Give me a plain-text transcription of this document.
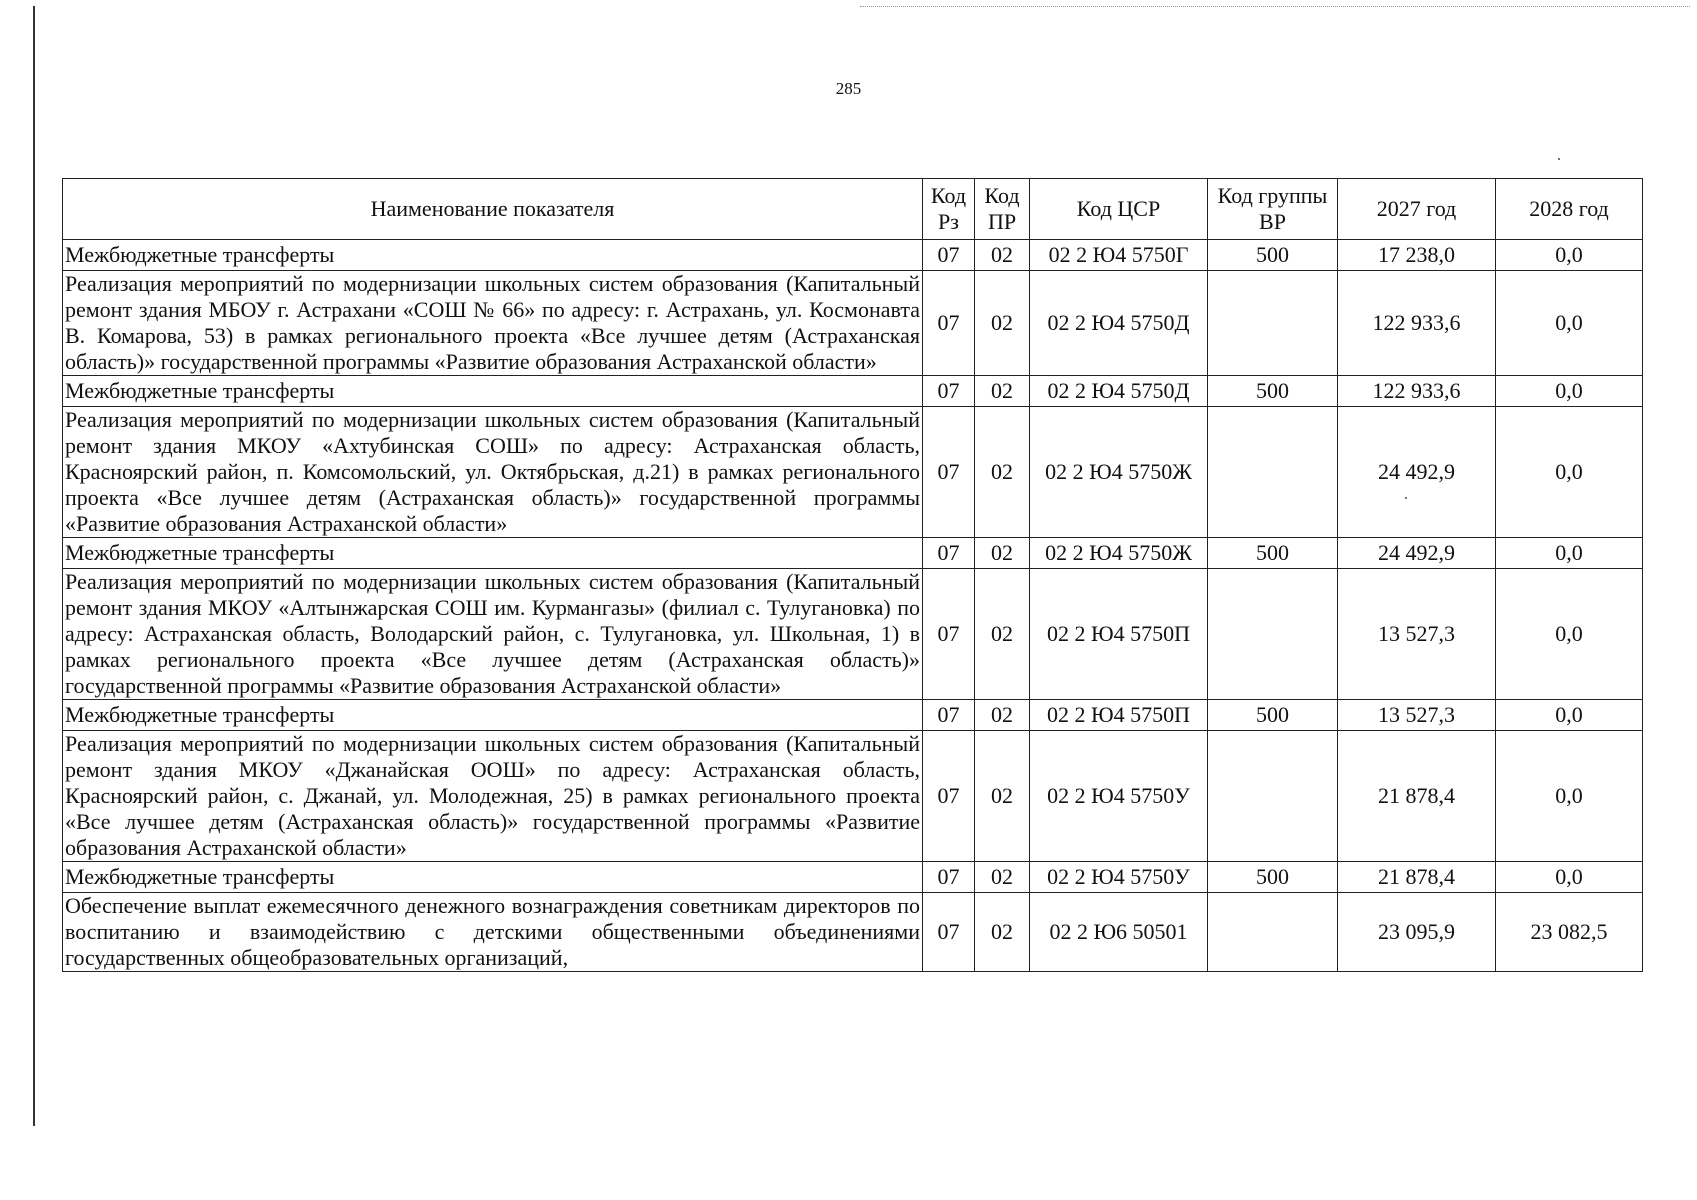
285
Наименование показателя	Код Рз	Код ПР	Код ЦСР	Код группы ВР	2027 год	2028 год
Межбюджетные трансферты	07	02	02 2 Ю4 5750Г	500	17 238,0	0,0
Реализация мероприятий по модернизации школьных систем образования (Капитальный ремонт здания МБОУ г. Астрахани «СОШ № 66» по адресу: г. Астрахань, ул. Космонавта В. Комарова, 53) в рамках регионального проекта «Все лучшее детям (Астраханская область)» государственной программы «Развитие образования Астраханской области»	07	02	02 2 Ю4 5750Д		122 933,6	0,0
Межбюджетные трансферты	07	02	02 2 Ю4 5750Д	500	122 933,6	0,0
Реализация мероприятий по модернизации школьных систем образования (Капитальный ремонт здания МКОУ «Ахтубинская СОШ» по адресу: Астраханская область, Красноярский район, п. Комсомольский, ул. Октябрьская, д.21) в рамках регионального проекта «Все лучшее детям (Астраханская область)» государственной программы «Развитие образования Астраханской области»	07	02	02 2 Ю4 5750Ж		24 492,9	0,0
Межбюджетные трансферты	07	02	02 2 Ю4 5750Ж	500	24 492,9	0,0
Реализация мероприятий по модернизации школьных систем образования (Капитальный ремонт здания МКОУ «Алтынжарская СОШ им. Курмангазы» (филиал с. Тулугановка) по адресу: Астраханская область, Володарский район, с. Тулугановка, ул. Школьная, 1) в рамках регионального проекта «Все лучшее детям (Астраханская область)» государственной программы «Развитие образования Астраханской области»	07	02	02 2 Ю4 5750П		13 527,3	0,0
Межбюджетные трансферты	07	02	02 2 Ю4 5750П	500	13 527,3	0,0
Реализация мероприятий по модернизации школьных систем образования (Капитальный ремонт здания МКОУ «Джанайская ООШ» по адресу: Астраханская область, Красноярский район, с. Джанай, ул. Молодежная, 25) в рамках регионального проекта «Все лучшее детям (Астраханская область)» государственной программы «Развитие образования Астраханской области»	07	02	02 2 Ю4 5750У		21 878,4	0,0
Межбюджетные трансферты	07	02	02 2 Ю4 5750У	500	21 878,4	0,0
Обеспечение выплат ежемесячного денежного вознаграждения советникам директоров по воспитанию и взаимодействию с детскими общественными объединениями государственных общеобразовательных организаций,	07	02	02 2 Ю6 50501		23 095,9	23 082,5
